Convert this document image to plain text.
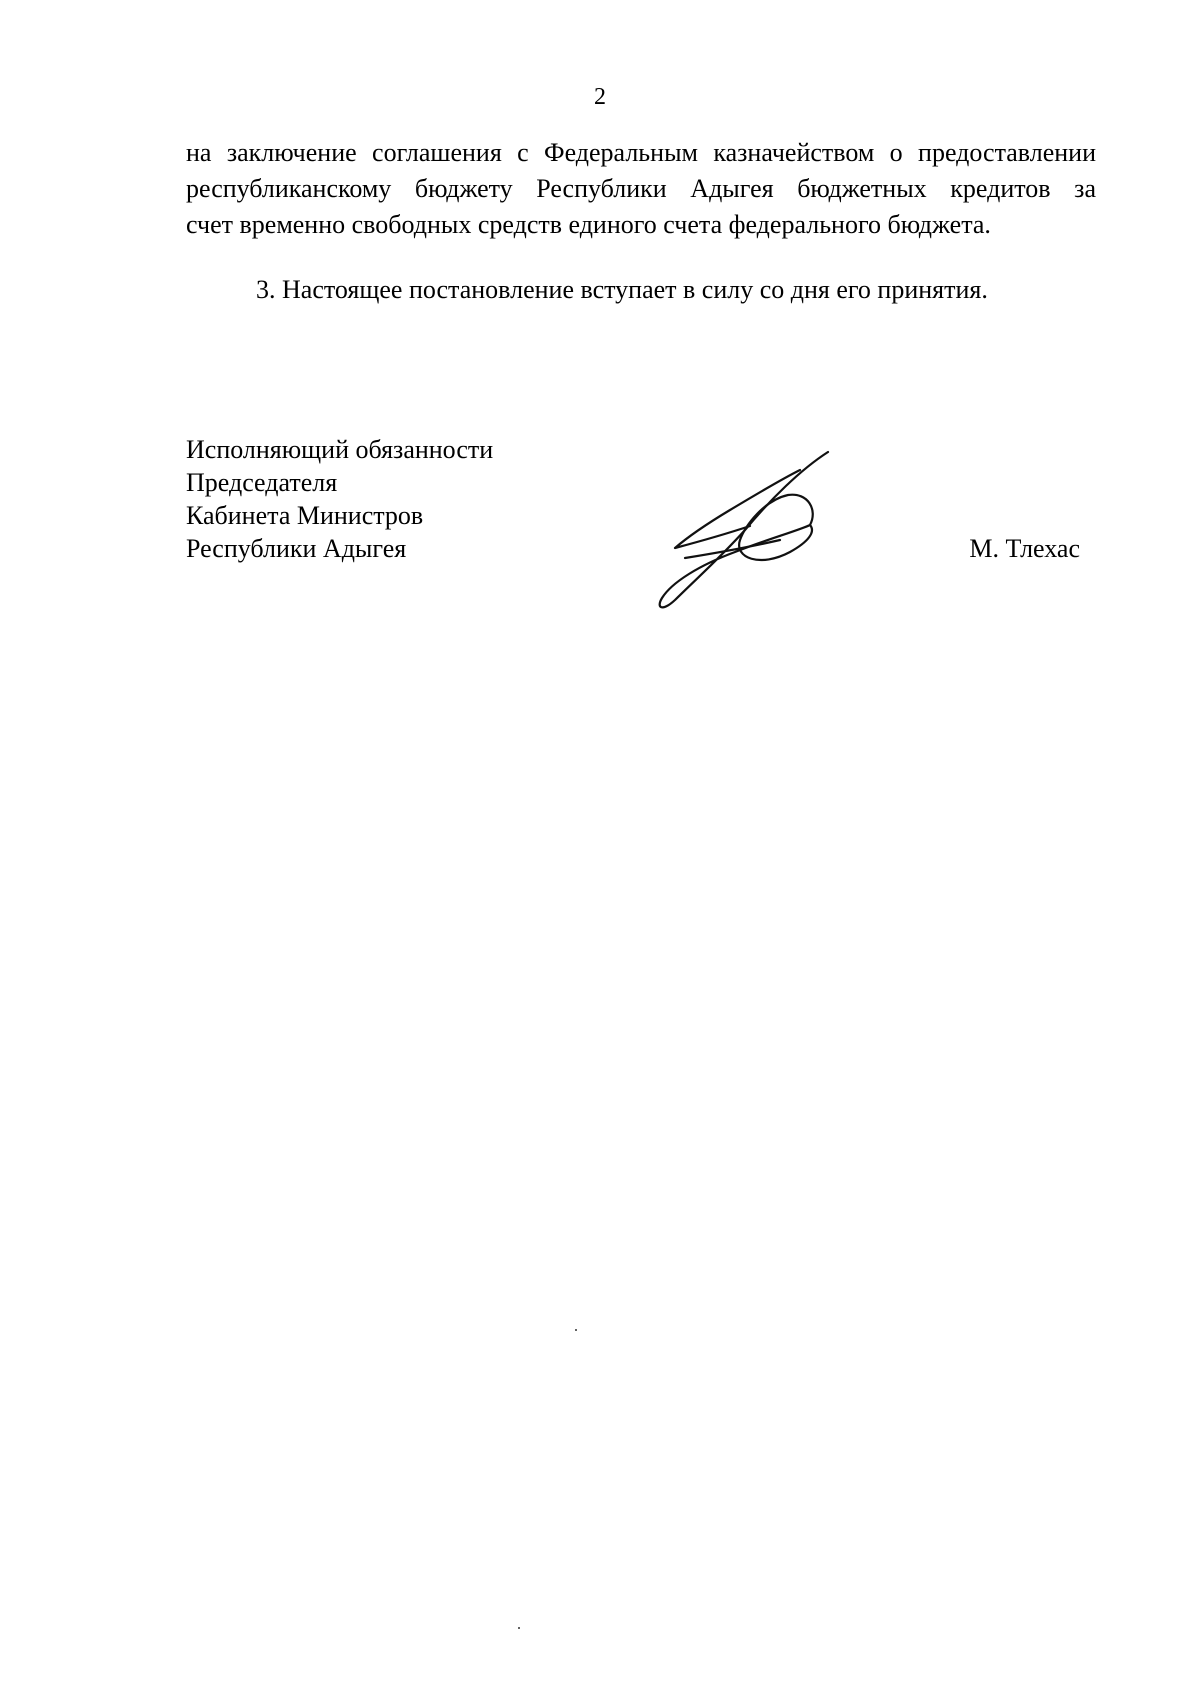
2
на заключение соглашения с Федеральным казначейством о предоставлении
республиканскому бюджету Республики Адыгея бюджетных кредитов за
счет временно свободных средств единого счета федерального бюджета.
3. Настоящее постановление вступает в силу со дня его принятия.
Исполняющий обязанности
Председателя
Кабинета Министров
Республики Адыгея	М. Тлехас
